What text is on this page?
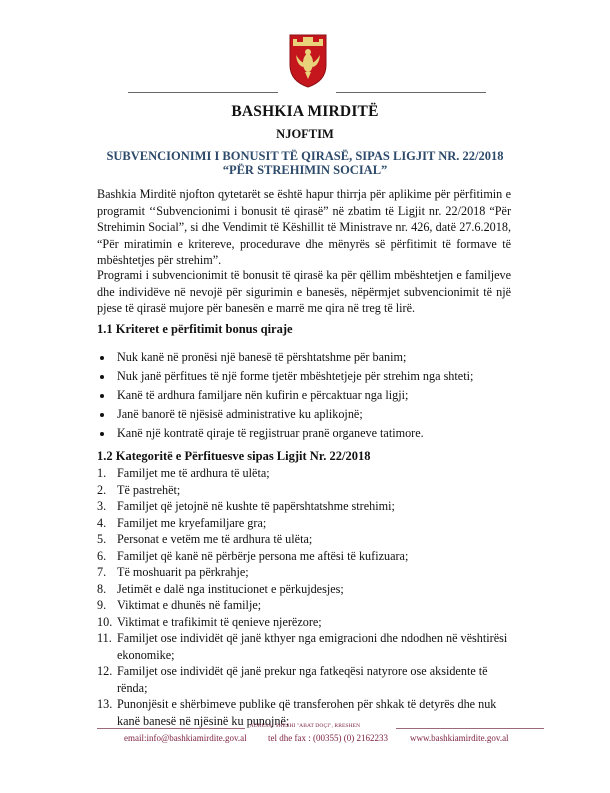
BASHKIA MIRDITË
NJOFTIM
SUBVENCIONIMI I BONUSIT TË QIRASË, SIPAS LIGJIT NR. 22/2018
“PËR STREHIMIN SOCIAL”
Bashkia Mirditë njofton qytetarët se është hapur thirrja për aplikime për përfitimin e programit ‘‘Subvencionimi i bonusit të qirasë” në zbatim të Ligjit nr. 22/2018 “Për Strehimin Social”, si dhe Vendimit të Këshillit të Ministrave nr. 426, datë 27.6.2018, “Për miratimin e kritereve, procedurave dhe mënyrës së përfitimit të formave të mbështetjes për strehim”.
Programi i subvencionimit të bonusit të qirasë ka për qëllim mbështetjen e familjeve dhe individëve në nevojë për sigurimin e banesës, nëpërmjet subvencionimit të një pjese të qirasë mujore për banesën e marrë me qira në treg të lirë.
1.1 Kriteret e përfitimit bonus qiraje
Nuk kanë në pronësi një banesë të përshtatshme për banim;
Nuk janë përfitues të një forme tjetër mbështetjeje për strehim nga shteti;
Kanë të ardhura familjare nën kufirin e përcaktuar nga ligji;
Janë banorë të njësisë administrative ku aplikojnë;
Kanë një kontratë qiraje të regjistruar pranë organeve tatimore.
1.2 Kategoritë e Përfituesve sipas Ligjit Nr. 22/2018
1. Familjet me të ardhura të ulëta;
2. Të pastrehët;
3. Familjet që jetojnë në kushte të papërshtatshme strehimi;
4. Familjet me kryefamiljare gra;
5. Personat e vetëm me të ardhura të ulëta;
6. Familjet që kanë në përbërje persona me aftësi të kufizuara;
7. Të moshuarit pa përkrahje;
8. Jetimët e dalë nga institucionet e përkujdesjes;
9. Viktimat e dhunës në familje;
10. Viktimat e trafikimit të qenieve njerëzore;
11. Familjet ose individët që janë kthyer nga emigracioni dhe ndodhen në vështirësi ekonomike;
12. Familjet ose individët që janë prekur nga fatkeqësi natyrore ose aksidente të rënda;
13. Punonjësit e shërbimeve publike që transferohen për shkak të detyrës dhe nuk kanë banesë në njësinë ku punojnë;
ADRESA: SHESHI "ABAT DOÇI", RRESHEN
email:info@bashkiamirdite.gov.al tel dhe fax : (00355) (0) 2162233 www.bashkiamirdite.gov.al
